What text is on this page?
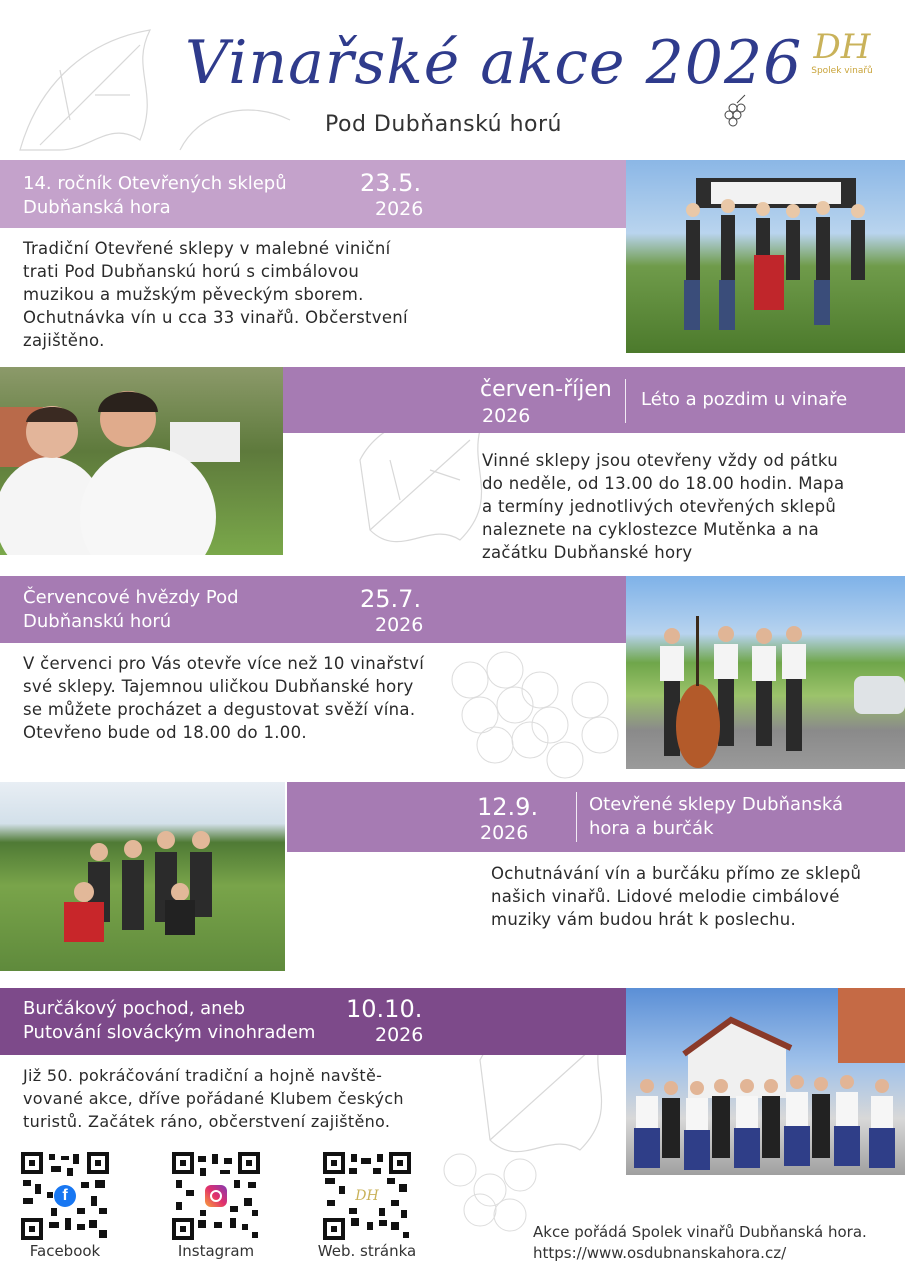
Vinařské akce 2026
Pod Dubňanskú horú
DH
Spolek vinařů
14. ročník Otevřených sklepů
Dubňanská hora
23.5.
2026
Tradiční Otevřené sklepy v malebné viniční
trati Pod Dubňanskú horú s cimbálovou
muzikou a mužským pěveckým sborem.
Ochutnávka vín u cca 33 vinařů. Občerstvení
zajištěno.
červen-říjen
2026
Léto a pozdim u vinaře
Vinné sklepy jsou otevřeny vždy od pátku
do neděle, od 13.00 do 18.00 hodin. Mapa
a termíny jednotlivých otevřených sklepů
naleznete na cyklostezce Mutěnka a na
začátku Dubňanské hory
Červencové hvězdy Pod
Dubňanskú horú
25.7.
2026
V červenci pro Vás otevře více než 10 vinařství
své sklepy. Tajemnou uličkou Dubňanské hory
se můžete procházet a degustovat svěží vína.
Otevřeno bude od 18.00 do 1.00.
12.9.
2026
Otevřené sklepy Dubňanská
hora a burčák
Ochutnávání vín a burčáku přímo ze sklepů
našich vinařů. Lidové melodie cimbálové
muziky vám budou hrát k poslechu.
Burčákový pochod, aneb
Putování slováckým vinohradem
10.10.
2026
Již 50. pokráčování tradiční a hojně navště-
vované akce, dříve pořádané Klubem českých
turistů. Začátek ráno, občerstvení zajištěno.
f
Facebook	Instagram
DH
Web. stránka
Akce pořádá Spolek vinařů Dubňanská hora.
https://www.osdubnanskahora.cz/
